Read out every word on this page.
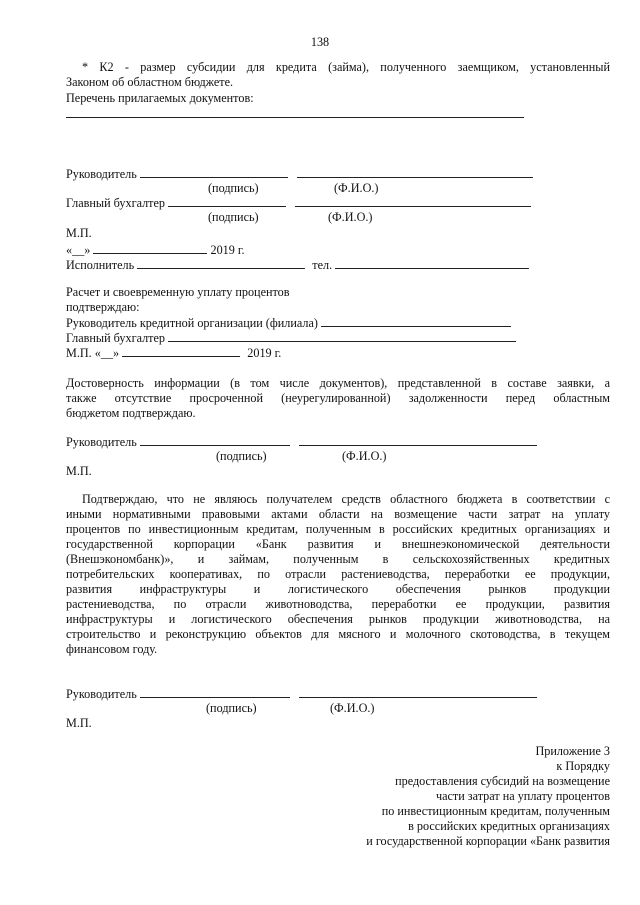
138
* К2 - размер субсидии для кредита (займа), полученного заемщиком, установленный
Законом об областном бюджете.
Перечень прилагаемых документов:
Руководитель
(подпись)	(Ф.И.О.)
Главный бухгалтер
(подпись)	(Ф.И.О.)
М.П.
«__»	2019 г.
Исполнитель	тел.
Расчет и своевременную уплату процентов
подтверждаю:
Руководитель кредитной организации (филиала)
Главный бухгалтер
М.П. «__»	2019 г.
Достоверность информации (в том числе документов), представленной в составе заявки, а
также отсутствие просроченной (неурегулированной) задолженности перед областным
бюджетом подтверждаю.
Руководитель
(подпись)	(Ф.И.О.)
М.П.
Подтверждаю, что не являюсь получателем средств областного бюджета в соответствии с
иными нормативными правовыми актами области на возмещение части затрат на уплату
процентов по инвестиционным кредитам, полученным в российских кредитных организациях и
государственной корпорации «Банк развития и внешнеэкономической деятельности
(Внешэкономбанк)», и займам, полученным в сельскохозяйственных кредитных
потребительских кооперативах, по отрасли растениеводства, переработки ее продукции,
развития инфраструктуры и логистического обеспечения рынков продукции
растениеводства, по отрасли животноводства, переработки ее продукции, развития
инфраструктуры и логистического обеспечения рынков продукции животноводства, на
строительство и реконструкцию объектов для мясного и молочного скотоводства, в текущем
финансовом году.
Руководитель
(подпись)	(Ф.И.О.)
М.П.
Приложение 3
к Порядку
предоставления субсидий на возмещение
части затрат на уплату процентов
по инвестиционным кредитам, полученным
в российских кредитных организациях
и государственной корпорации «Банк развития
